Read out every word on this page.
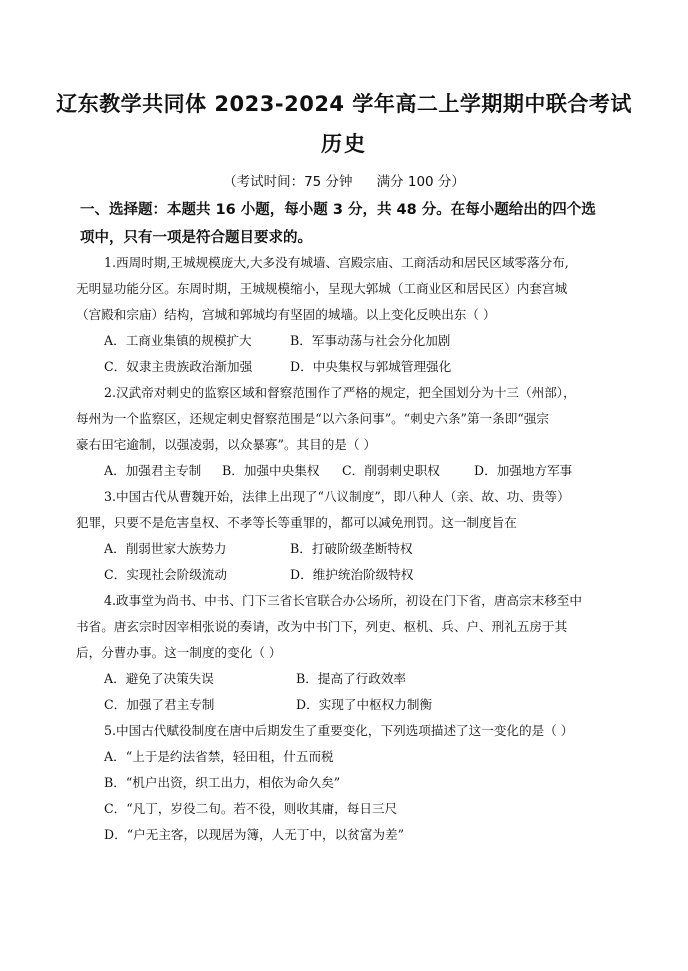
辽东教学共同体 2023-2024 学年高二上学期期中联合考试
历史
（考试时间：75 分钟 满分 100 分）
一、选择题：本题共 16 小题，每小题 3 分，共 48 分。在每小题给出的四个选
项中，只有一项是符合题目要求的。
1.西周时期,王城规模庞大,大多没有城墙、宫殿宗庙、工商活动和居民区域零落分布,
无明显功能分区。东周时期，王城规模缩小，呈现大郭城（工商业区和居民区）内套宫城
（宫殿和宗庙）结构，宫城和郭城均有坚固的城墙。以上变化反映出东（ ）
A．工商业集镇的规模扩大	B．军事动荡与社会分化加剧
C．奴隶主贵族政治渐加强	D．中央集权与郭城管理强化
2.汉武帝对刺史的监察区域和督察范围作了严格的规定，把全国划分为十三（州部），
每州为一个监察区，还规定刺史督察范围是“以六条问事”。“刺史六条”第一条即“强宗
豪右田宅逾制，以强凌弱，以众暴寡”。其目的是（ ）
A．加强君主专制 B．加强中央集权 C．削弱刺史职权	D．加强地方军事
3.中国古代从曹魏开始，法律上出现了“八议制度”，即八种人（亲、故、功、贵等）
犯罪，只要不是危害皇权、不孝等长等重罪的，都可以减免刑罚。这一制度旨在
A．削弱世家大族势力	B．打破阶级垄断特权
C．实现社会阶级流动	D．维护统治阶级特权
4.政事堂为尚书、中书、门下三省长官联合办公场所，初设在门下省，唐高宗末移至中
书省。唐玄宗时因宰相张说的奏请，改为中书门下，列吏、枢机、兵、户、刑礼五房于其
后，分曹办事。这一制度的变化（ ）
A．避免了决策失误	B．提高了行政效率
C．加强了君主专制	D．实现了中枢权力制衡
5.中国古代赋役制度在唐中后期发生了重要变化，下列选项描述了这一变化的是（ ）
A．“上于是约法省禁，轻田租，什五而税
B．“机户出资，织工出力，相依为命久矣”
C．“凡丁，岁役二旬。若不役，则收其庸，每日三尺
D．“户无主客，以现居为簿，人无丁中，以贫富为差”
